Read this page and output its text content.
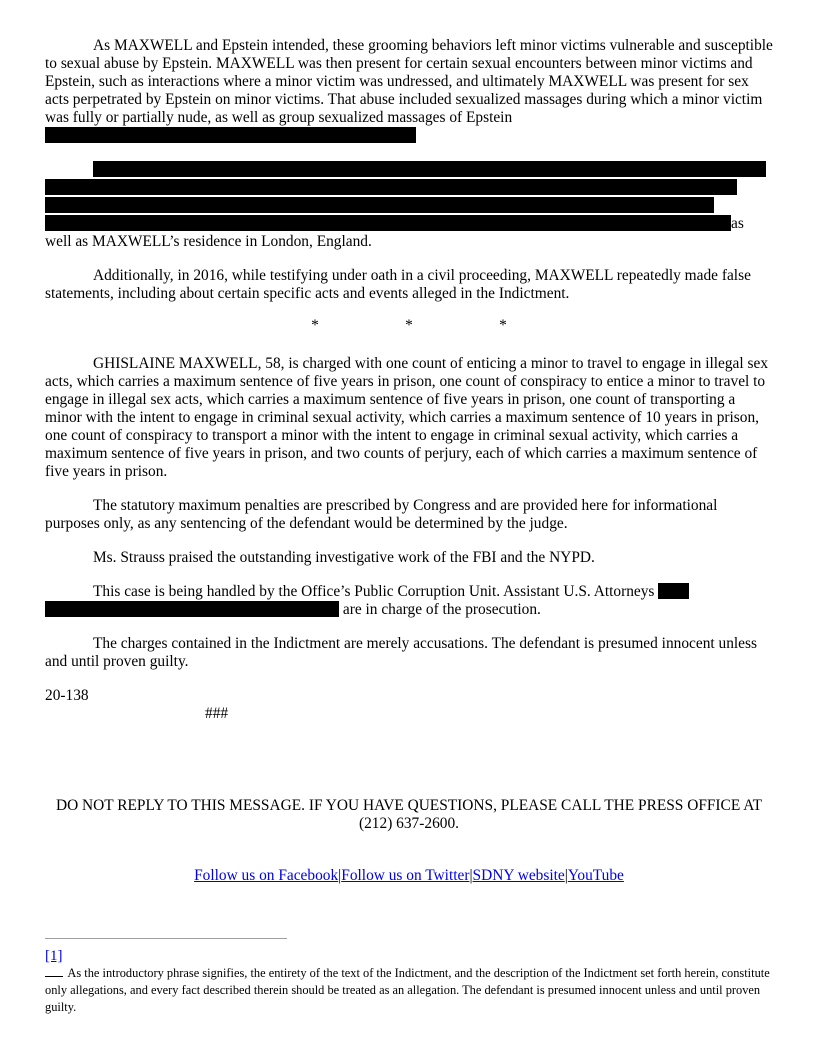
As MAXWELL and Epstein intended, these grooming behaviors left minor victims vulnerable and susceptible to sexual abuse by Epstein. MAXWELL was then present for certain sexual encounters between minor victims and Epstein, such as interactions where a minor victim was undressed, and ultimately MAXWELL was present for sex acts perpetrated by Epstein on minor victims. That abuse included sexualized massages during which a minor victim was fully or partially nude, as well as group sexualized massages of Epstein

as
well as MAXWELL’s residence in London, England.

Additionally, in 2016, while testifying under oath in a civil proceeding, MAXWELL repeatedly made false statements, including about certain specific acts and events alleged in the Indictment.

*	*	*

GHISLAINE MAXWELL, 58, is charged with one count of enticing a minor to travel to engage in illegal sex acts, which carries a maximum sentence of five years in prison, one count of conspiracy to entice a minor to travel to engage in illegal sex acts, which carries a maximum sentence of five years in prison, one count of transporting a minor with the intent to engage in criminal sexual activity, which carries a maximum sentence of 10 years in prison, one count of conspiracy to transport a minor with the intent to engage in criminal sexual activity, which carries a maximum sentence of five years in prison, and two counts of perjury, each of which carries a maximum sentence of five years in prison.

The statutory maximum penalties are prescribed by Congress and are provided here for informational purposes only, as any sentencing of the defendant would be determined by the judge.

Ms. Strauss praised the outstanding investigative work of the FBI and the NYPD.

This case is being handled by the Office’s Public Corruption Unit. Assistant U.S. Attorneys
are in charge of the prosecution.

The charges contained in the Indictment are merely accusations. The defendant is presumed innocent unless and until proven guilty.

20-138

###

DO NOT REPLY TO THIS MESSAGE. IF YOU HAVE QUESTIONS, PLEASE CALL THE PRESS OFFICE AT (212) 637-2600.
Follow us on Facebook|Follow us on Twitter|SDNY website|YouTube
[1]
As the introductory phrase signifies, the entirety of the text of the Indictment, and the description of the Indictment set forth herein, constitute only allegations, and every fact described therein should be treated as an allegation. The defendant is presumed innocent unless and until proven guilty.
